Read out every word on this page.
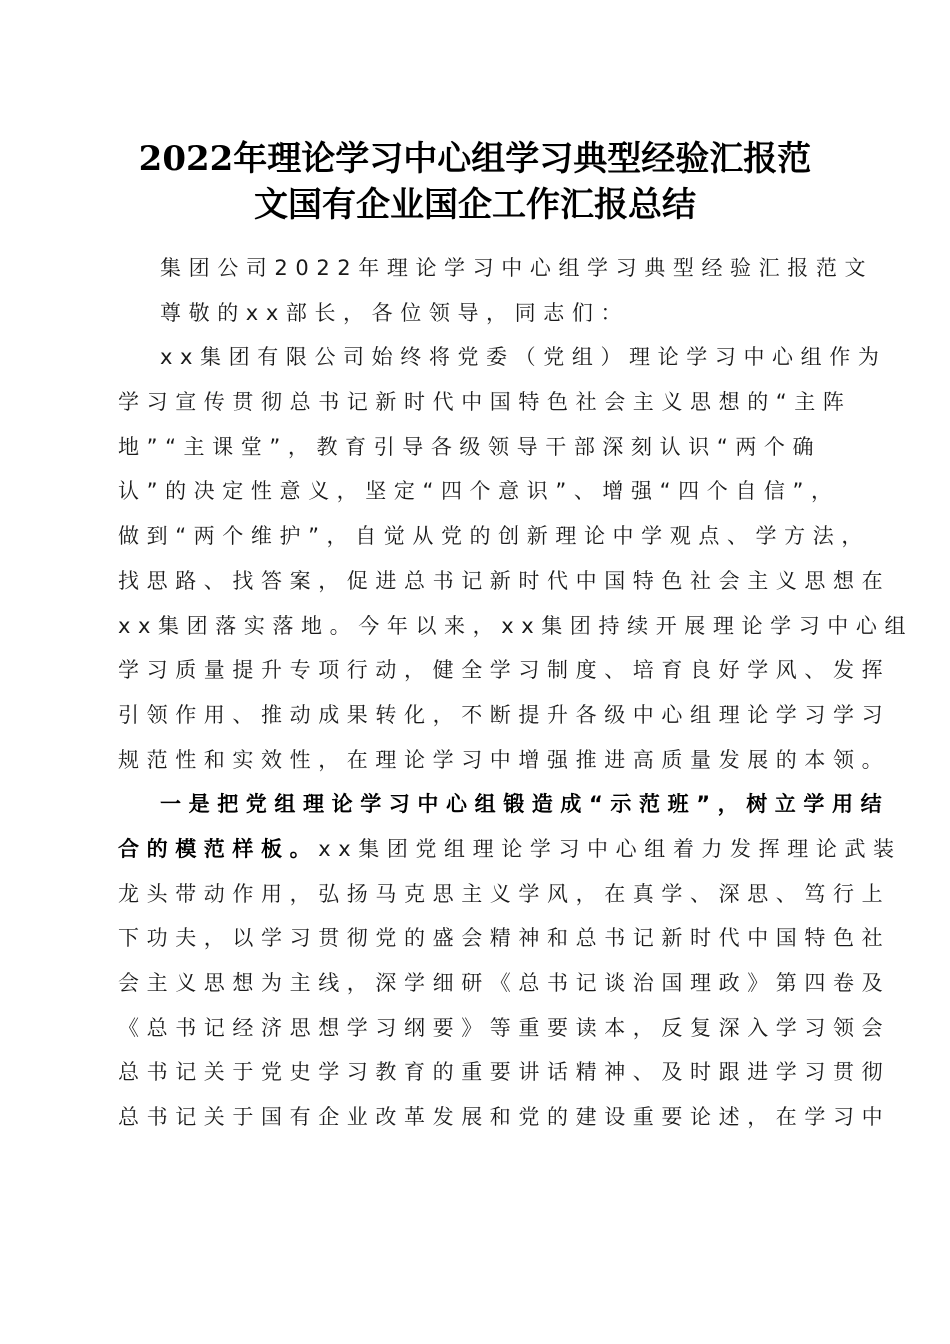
2022年理论学习中心组学习典型经验汇报范
文国有企业国企工作汇报总结
集团公司2022年理论学习中心组学习典型经验汇报范文
尊敬的xx部长，各位领导，同志们：
xx集团有限公司始终将党委（党组）理论学习中心组作为
学习宣传贯彻总书记新时代中国特色社会主义思想的“主阵
地”“主课堂”，教育引导各级领导干部深刻认识“两个确
认”的决定性意义，坚定“四个意识”、增强“四个自信”，
做到“两个维护”，自觉从党的创新理论中学观点、学方法，
找思路、找答案，促进总书记新时代中国特色社会主义思想在
xx集团落实落地。今年以来，xx集团持续开展理论学习中心组
学习质量提升专项行动，健全学习制度、培育良好学风、发挥
引领作用、推动成果转化，不断提升各级中心组理论学习学习
规范性和实效性，在理论学习中增强推进高质量发展的本领。
一是把党组理论学习中心组锻造成“示范班”，树立学用结
合的模范样板。xx集团党组理论学习中心组着力发挥理论武装
龙头带动作用，弘扬马克思主义学风，在真学、深思、笃行上
下功夫，以学习贯彻党的盛会精神和总书记新时代中国特色社
会主义思想为主线，深学细研《总书记谈治国理政》第四卷及
《总书记经济思想学习纲要》等重要读本，反复深入学习领会
总书记关于党史学习教育的重要讲话精神、及时跟进学习贯彻
总书记关于国有企业改革发展和党的建设重要论述，在学习中
